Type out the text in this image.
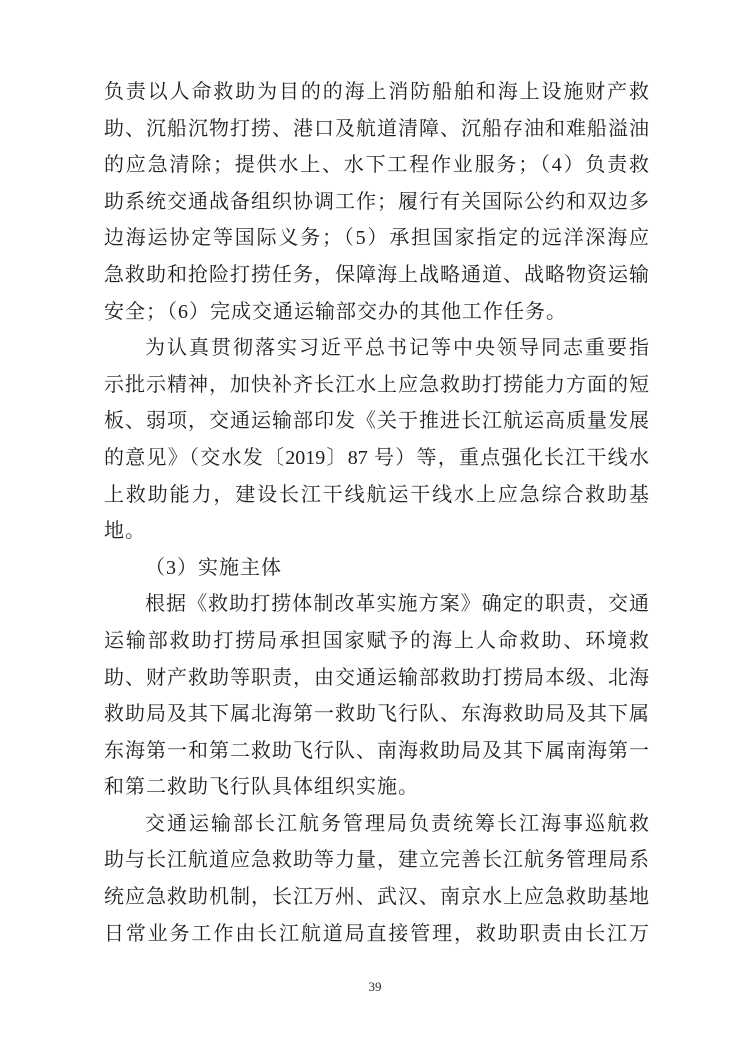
负责以人命救助为目的的海上消防船舶和海上设施财产救
助、沉船沉物打捞、港口及航道清障、沉船存油和难船溢油
的应急清除；提供水上、水下工程作业服务；（4）负责救
助系统交通战备组织协调工作；履行有关国际公约和双边多
边海运协定等国际义务；（5）承担国家指定的远洋深海应
急救助和抢险打捞任务，保障海上战略通道、战略物资运输
安全；（6）完成交通运输部交办的其他工作任务。
为认真贯彻落实习近平总书记等中央领导同志重要指
示批示精神，加快补齐长江水上应急救助打捞能力方面的短
板、弱项，交通运输部印发《关于推进长江航运高质量发展
的意见》（交水发〔2019〕87 号）等，重点强化长江干线水
上救助能力，建设长江干线航运干线水上应急综合救助基
地。
（3）实施主体
根据《救助打捞体制改革实施方案》确定的职责，交通
运输部救助打捞局承担国家赋予的海上人命救助、环境救
助、财产救助等职责，由交通运输部救助打捞局本级、北海
救助局及其下属北海第一救助飞行队、东海救助局及其下属
东海第一和第二救助飞行队、南海救助局及其下属南海第一
和第二救助飞行队具体组织实施。
交通运输部长江航务管理局负责统筹长江海事巡航救
助与长江航道应急救助等力量，建立完善长江航务管理局系
统应急救助机制，长江万州、武汉、南京水上应急救助基地
日常业务工作由长江航道局直接管理，救助职责由长江万
39
